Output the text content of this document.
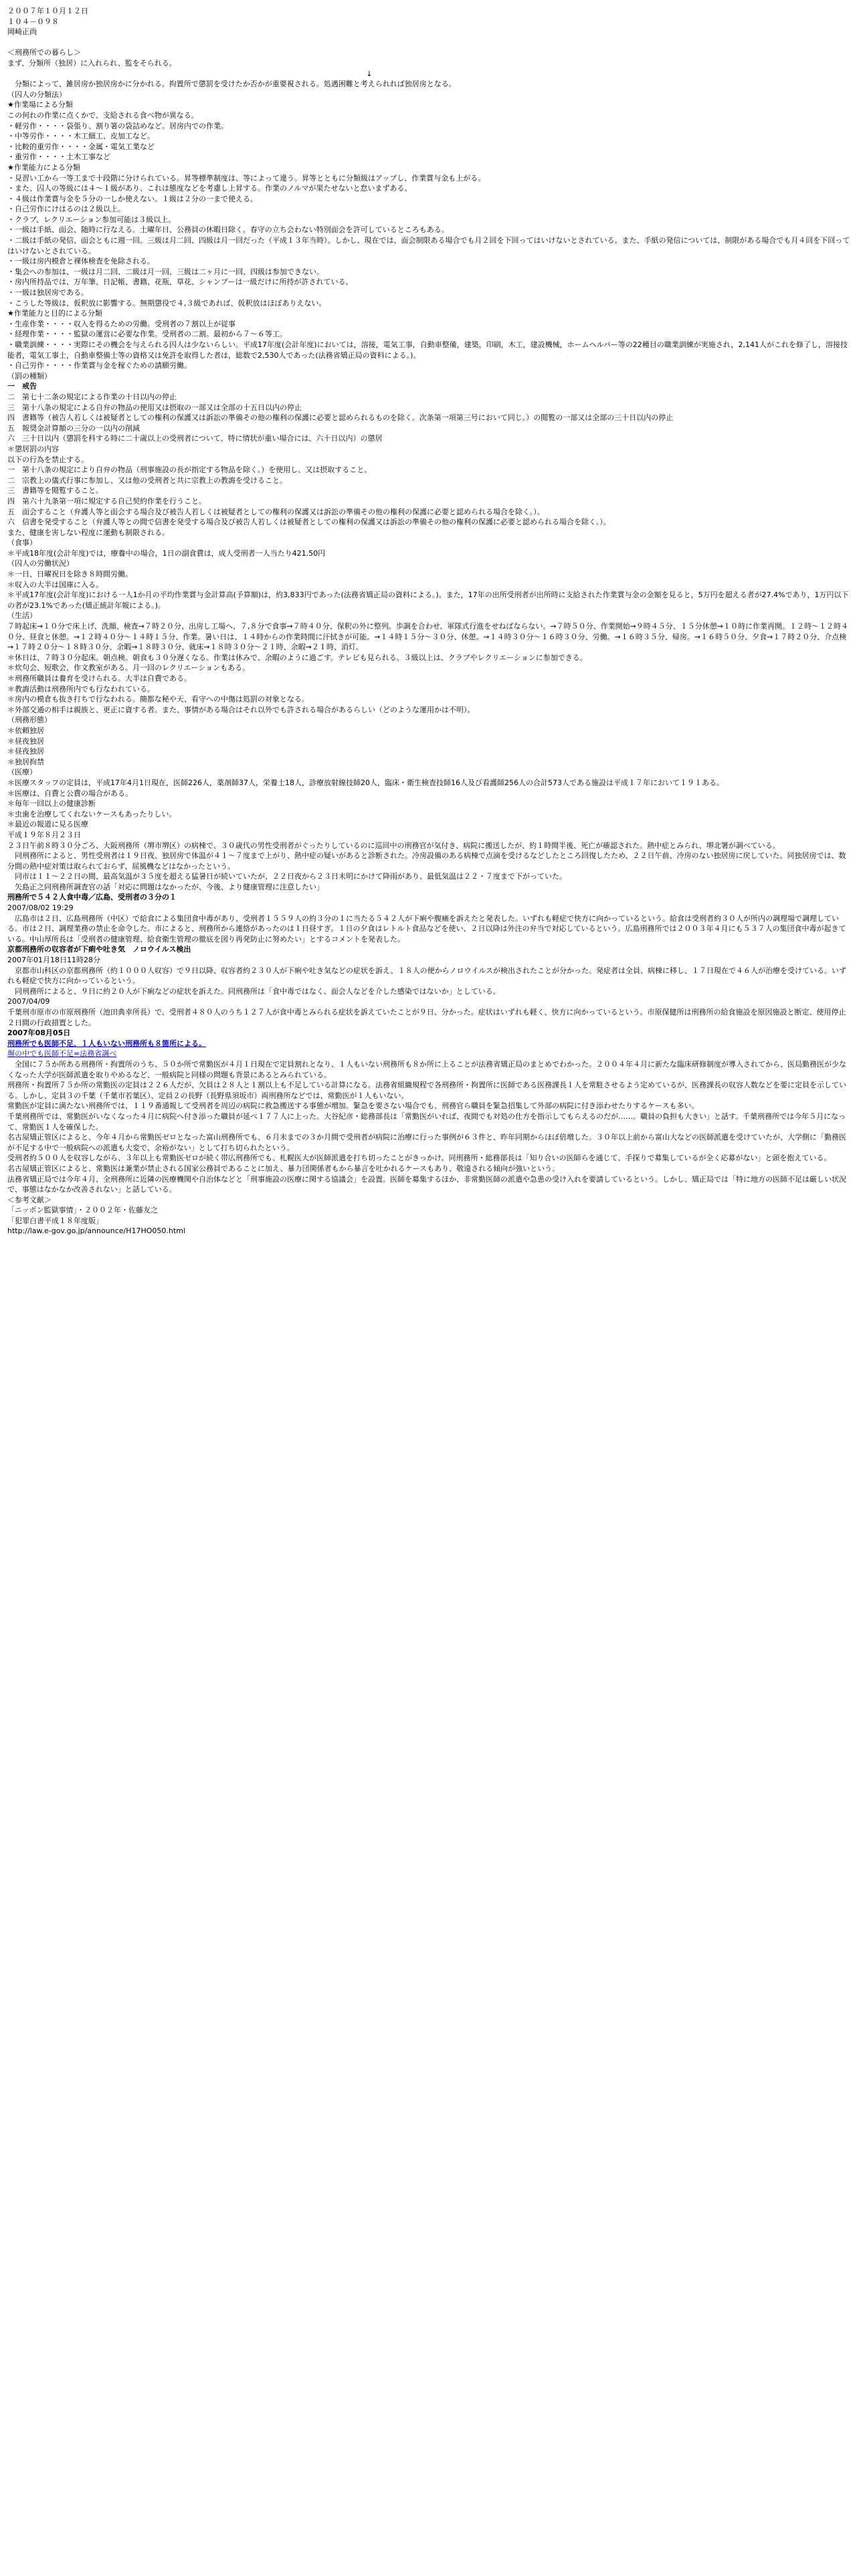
２００７年１０月１２日
１０４－０９８
岡崎正尚
＜刑務所での暮らし＞
まず、分類所（独居）に入れられ、監をそられる。
↓
　分類によって、雑居房か独居房かに分かれる。拘置所で懲罰を受けたか否かが重要視される。処遇困難と考えられれば独居房となる。
（囚人の分類法）
★作業場による分類
この何れの作業に点くかで、支給される食べ物が異なる。
・軽労作・・・・袋張り、割り箸の袋詰めなど。居房内での作業。
・中等労作・・・・木工細工、皮加工など。
・比較的重労作・・・・金属・電気工業など
・重労作・・・・土木工事など
★作業能力による分類
・見習い工から一等工まで十段階に分けられている。昇等標準制度は、等によって違う。昇等とともに分類級はアップし、作業賞与金も上がる。
・また、囚人の等級には４～１級があり、これは態度などを考慮し上昇する。作業のノルマが果たせないと怠いまずある。
・４級は作業賞与金を５分の一しか使えない。１級は２分の一まで使える。
・自己労作にけはるのは２級以上。
・クラブ、レクリエーション参加可能は３級以上。
・一級は手紙、面会、随時に行なえる。土曜年日、公務員の休暇日除く。春守の立ち会わない特別面会を許可しているところもある。
・二級は手紙の発信、面会ともに週一回。三級は月二回、四級は月一回だった（平成１３年当時）。しかし、現在では、面会制限ある場合でも月２回を下回ってはいけないとされている。また、手紙の発信については、制限がある場合でも月４回を下回ってはいけないとされている。
・一級は房内模倉と裸体検査を免除される。
・集会への参加は、一級は月二回、二級は月一回、三級は二ヶ月に一回、四級は参加できない。
・房内所持品では、万年筆、日記帳、書籍、花瓶、草花、シャンプーは一級だけに所持が許されている。
・一級は独居房である。
・こうした等級は、仮釈放に影響する。無期懲役で４,３級であれば、仮釈放はほぼありえない。
★作業能力と目的による分類
・生産作業・・・・収入を得るための労働。受刑者の７割以上が従事
・経理作業・・・・監獄の運営に必要な作業。受刑者の二割。最初から７～６等工。
・職業訓練・・・・実際にその機会を与えられる囚人は少ないらしい。平成17年度(会計年度)においては，溶接，電気工事，自動車整備，建築，印刷，木工，建設機械，ホームヘルパー等の22種目の職業訓練が実施され，2,141人がこれを修了し，溶接技能者，電気工事士，自動車整備士等の資格又は免許を取得した者は，総数で2,530人であった(法務省矯正局の資料による。)。
・自己労作・・・・作業賞与金を稼ぐための請願労働。
（罰の種類）
一　戒告
二　第七十二条の規定による作業の十日以内の停止
三　第十八条の規定による自弁の物品の使用又は摂取の一部又は全部の十五日以内の停止
四　書籍等（被告人若しくは被疑者としての権利の保護又は訴訟の準備その他の権利の保護に必要と認められるものを除く。次条第一項第三号において同じ。）の閲覧の一部又は全部の三十日以内の停止
五　報奨金計算額の三分の一以内の削減
六　三十日以内（懲罰を科する時に二十歳以上の受刑者について、特に情状が重い場合には、六十日以内）の懲居
＊懲居罰の内容
以下の行為を禁止する。
一　第十八条の規定により自弁の物品（刑事施設の長が指定する物品を除く。）を使用し、又は摂取すること。
二　宗教上の儀式行事に参加し、又は他の受刑者と共に宗教上の教誨を受けること。
三　書籍等を閲覧すること。
四　第六十九条第一項に規定する自己契約作業を行うこと。
五　面会すること（弁護人等と面会する場合及び被告人若しくは被疑者としての権利の保護又は訴訟の準備その他の権利の保護に必要と認められる場合を除く。）。
六　信書を発受すること（弁護人等との間で信書を発受する場合及び被告人若しくは被疑者としての権利の保護又は訴訟の準備その他の権利の保護に必要と認められる場合を除く。）。
また、健康を害しない程度に運動も制限される。
（食事）
＊平成18年度(会計年度)では，療養中の場合，1日の副食費は，成人受刑者一人当たり421.50円
（囚人の労働状況）
＊一日、日曜祝日を除き８時間労働。
＊収入の大半は国庫に入る。
＊平成17年度(会計年度)における一人1か月の平均作業賞与金計算高(予算額)は，約3,833円であった(法務省矯正局の資料による。)。また，17年の出所受刑者が出所時に支給された作業賞与金の金額を見ると，5万円を超える者が27.4%であり，1万円以下の者が23.1%であった(矯正統計年報による。)。
（生活）
７時起床→１０分で床上げ、洗顔、検査→７時２０分、出房し工場へ、７,８分で食事→７時４０分、保釈の外に整列。歩調を合わせ、軍隊式行進をせねばならない。→７時５０分、作業開始→９時４５分、１５分休憩→１０時に作業再開。１２時～１２時４０分、昼食と休憩。→１２時４０分～１４時１５分、作業。暑い日は、１４時からの作業時間に汗拭きが可能。→１４時１５分～３０分、休憩。→１４時３０分～１６時３０分、労働。→１６時３５分、帰房。→１６時５０分、夕食→１７時２０分、介点検→１７時２０分～１８時３０分、余暇→１８時３０分、就床→１８時３０分～２１時、余暇→２１時、消灯。
＊休日は、７時３０分起床。朝点検。朝食も３０分遅くなる。作業は休みで、余暇のように過ごす。テレビも見られる。３級以上は、クラブやレクリエーションに参加できる。
＊炊句会、短歌会、作文教室がある。月一回のレクリエーションもある。
＊刑務所職員は養育を受けられる。大半は自費である。
＊教誨活動は刑務所内でも行なわれている。
＊房内の模倉も抜き打ちで行なわれる。簡都な秘や天、看守への中傷は処罰の対象となる。
＊外部交通の相手は親族と、更正に資する者。また、事情がある場合はそれ以外でも許される場合があるらしい（どのような運用かは不明）。
（刑務形態）
＊依頼独居
＊昼夜独居
＊昼夜独居
＊独居拘禁
（医療）
＊医療スタッフの定員は，平成17年4月1日現在，医師226人，薬剤師37人，栄養士18人，診療放射線技師20人，臨床・衛生検査技師16人及び看護師256人の合計573人である施設は平成１７年において１９１ある。
＊医療は、自費と公費の場合がある。
＊毎年一回以上の健康診断
＊虫歯を治療してくれないケースもあったりしい。
＊最近の報道に見る医療
平成１９年８月２３日
２３日午前８時３０分ごろ、大阪刑務所（堺市堺区）の病棟で、３０歳代の男性受刑者がぐったりしているのに巡回中の刑務官が気付き、病院に搬送したが、約１時間半後、死亡が確認された。熱中症とみられ、堺北署が調べている。
　同刑務所によると、男性受刑者は１９日夜、独居房で体温が４１～７度まで上がり、熱中症の疑いがあると診断された。冷房設備のある病棟で点滴を受けるなどしたところ回復したため、２２日午前、冷房のない独居房に戻していた。同独居房では、数分間の熱中症対策は取られておらず、屈風機などはなかったという。
　同市は１１～２２日の間、最高気温が３５度を超える猛暑日が続いていたが、２２日夜から２３日未明にかけて降雨があり、最低気温は２２・７度まで下がっていた。
　矢島正之同刑務所調査官の話「対応に問題はなかったが、今後、より健康管理に注意したい」
刑務所で５４２人食中毒／広島、受刑者の３分の１
2007/08/02 19:29
　広島市は２日、広島刑務所（中区）で給食による集団食中毒があり、受刑者１５５９人の約３分の１に当たる５４２人が下痢や腹痛を訴えたと発表した。いずれも軽症で快方に向かっているという。給食は受刑者約３０人が所内の調理場で調理している。市は２日、調理業務の禁止を命令した。市によると、刑務所から連絡があったのは１日昼すぎ。１日の夕食はレトルト食品などを使い、２日以降は外注の弁当で対応しているという。広島刑務所では２００３年４月にも５３７人の集団食中毒が起きている。中山厚所長は「受刑者の健康管理、給食衛生管理の徹底を図り再発防止に努めたい」とするコメントを発表した。
京都刑務所の収容者が下痢や吐き気　ノロウイルス検出
2007年01月18日11時28分
　京都市山科区の京都刑務所（約１０００人収容）で９日以降、収容者約２３０人が下痢や吐き気などの症状を訴え、１８人の便からノロウイルスが検出されたことが分かった。発症者は全員、病棟に移し、１７日現在で４６人が治療を受けている。いずれも軽症で快方に向かっているという。
　同刑務所によると、９日に約２０人が下痢などの症状を訴えた。同刑務所は「食中毒ではなく、面会人などを介した感染ではないか」としている。
2007/04/09
千葉刑市原市の市原刑務所（池田典幸所長）で、受刑者４８０人のうち１２７人が食中毒とみられる症状を訴えていたことが９日、分かった。症状はいずれも軽く、快方に向かっているという。市原保健所は刑務所の給食施設を原因施設と断定、使用停止２日間の行政措置とした。
2007年08月05日
刑務所でも医師不足、１人もいない刑務所も８箇所による。
塀の中でも医師不足=法務省調べ
　全国に７５か所ある刑務所・拘置所のうち、５０か所で常勤医が４月１日現在で定員割れとなり、１人もいない刑務所も８か所に上ることが法務省矯正局のまとめでわかった。２００４年４月に新たな臨床研修制度が導入されてから、医局勤務医が少なくなった大学が医師派遣を取りやめるなど、一般病院と同様の問題も背景にあるとみられている。
刑務所・拘置所７５か所の常勤医の定員は２２６人だが、欠員は２８人と１割以上も不足している計算になる。法務省組織規程で各刑務所・拘置所に医師である医務課長１人を常駐させるよう定めているが、医務課長の収容人数などを要に定員を示している。しかし、定員３の千葉（千葉市若葉区）、定員２の長野（長野県須坂市）両刑務所などでは、常勤医が１人もいない。
常勤医が定員に満たない刑務所では、１１９番通報して受刑者を周辺の病院に救急搬送する事態が増加。緊急を要さない場合でも、刑務官ら職員を緊急招集して外部の病院に付き添わせたりするケースも多い。
千葉刑務所では、常勤医がいなくなった４月に病院へ付き添った職員が延べ１７７人に上った。大谷紀彦・総務部長は「常勤医がいれば、夜間でも対処の仕方を指示してもらえるのだが……。職員の負担も大きい」と話す。千葉刑務所では今年５月になって、常勤医１人を確保した。
名古屋矯正管区によると、今年４月から常勤医ゼロとなった富山刑務所でも、６月末までの３か月間で受刑者が病院に治療に行った事例が６３件と、昨年同期からほぼ倍増した。３０年以上前から富山大などの医師派遣を受けていたが、大学側に「勤務医が不足する中で一般病院への派遣も大変で、余裕がない」として打ち切られたという。
受刑者約５００人を収容しながら、３年以上も常勤医ゼロが続く帯広刑務所でも、札幌医大が医師派遣を打ち切ったことがきっかけ。同刑務所・総務部長は「知り合いの医師らを通じて、手探りで募集しているが全く応募がない」と頭を抱えている。
名古屋矯正管区によると、常勤医は兼業が禁止される国家公務員であることに加え、暴力団関係者もから暴言を吐かれるケースもあり、敬遠される傾向が強いという。
法務省矯正局では今年４月、全刑務所に近隣の医療機関や自治体などと「刑事施設の医療に関する協議会」を設置。医師を募集するほか、非常勤医師の派遣や急患の受け入れを要請しているという。しかし、矯正局では「特に地方の医師不足は厳しい状況で、事態はなかなか改善されない」と話している。
＜参考文献＞
「ニッポン監獄事情」・２００２年・佐藤友之
「犯罪白書平成１８年度版」
http://law.e-gov.go.jp/announce/H17HO050.html
